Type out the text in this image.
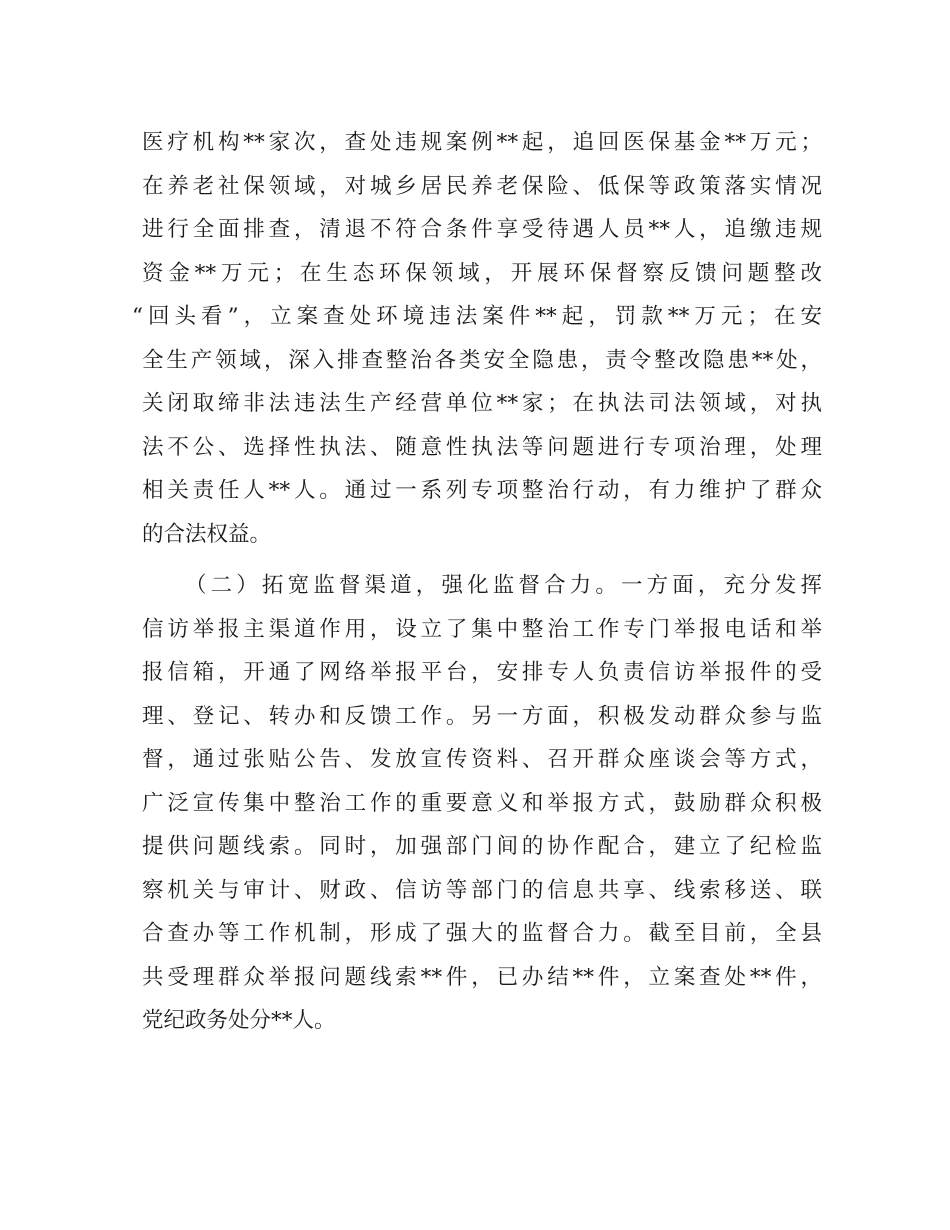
医疗机构**家次，查处违规案例**起，追回医保基金**万元；
在养老社保领域，对城乡居民养老保险、低保等政策落实情况
进行全面排查，清退不符合条件享受待遇人员**人，追缴违规
资金**万元；在生态环保领域，开展环保督察反馈问题整改
“回头看”，立案查处环境违法案件**起，罚款**万元；在安
全生产领域，深入排查整治各类安全隐患，责令整改隐患**处，
关闭取缔非法违法生产经营单位**家；在执法司法领域，对执
法不公、选择性执法、随意性执法等问题进行专项治理，处理
相关责任人**人。通过一系列专项整治行动，有力维护了群众
的合法权益。
（二）拓宽监督渠道，强化监督合力。一方面，充分发挥
信访举报主渠道作用，设立了集中整治工作专门举报电话和举
报信箱，开通了网络举报平台，安排专人负责信访举报件的受
理、登记、转办和反馈工作。另一方面，积极发动群众参与监
督，通过张贴公告、发放宣传资料、召开群众座谈会等方式，
广泛宣传集中整治工作的重要意义和举报方式，鼓励群众积极
提供问题线索。同时，加强部门间的协作配合，建立了纪检监
察机关与审计、财政、信访等部门的信息共享、线索移送、联
合查办等工作机制，形成了强大的监督合力。截至目前，全县
共受理群众举报问题线索**件，已办结**件，立案查处**件，
党纪政务处分**人。
